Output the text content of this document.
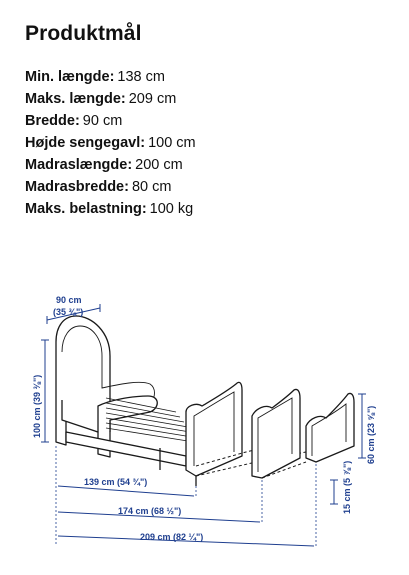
Produktmål
Min. længde: 138 cm
Maks. længde: 209 cm
Bredde: 90 cm
Højde sengegavl: 100 cm
Madraslængde: 200 cm
Madrasbredde: 80 cm
Maks. belastning: 100 kg
90 cm
(35 ⅜")
100 cm (39 ⅜")	60 cm (23 ⅝")
15 cm (5 ⅞")
139 cm (54 ¾")
174 cm (68 ½")
209 cm (82 ¼")
